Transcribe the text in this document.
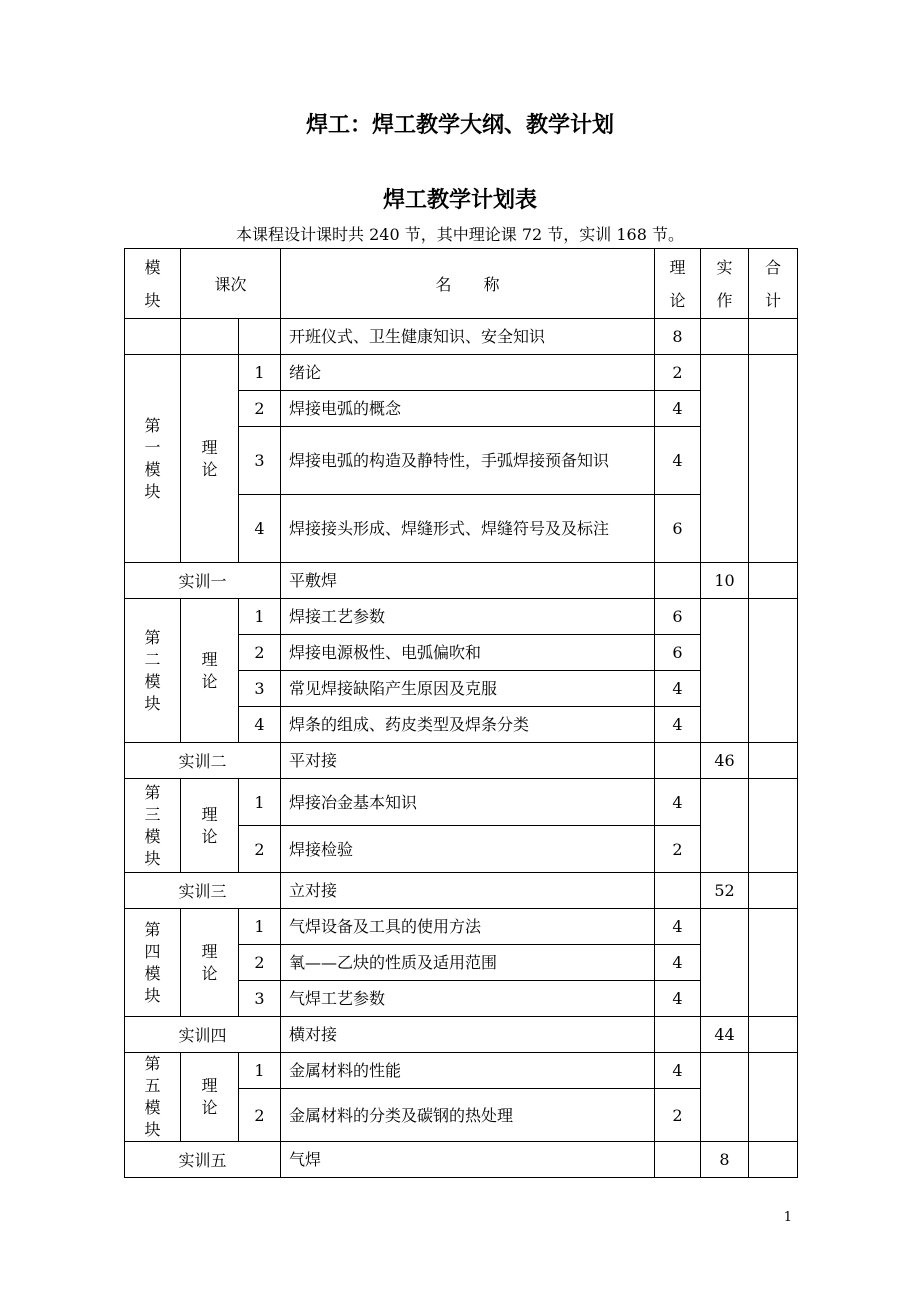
焊工：焊工教学大纲、教学计划
焊工教学计划表
本课程设计课时共 240 节，其中理论课 72 节，实训 168 节。
模块	课次		名　　称	理论	实作	合计
			开班仪式、卫生健康知识、安全知识	8		
第一模块	理论	1	绪论	2		
		2	焊接电弧的概念	4		
		3	焊接电弧的构造及静特性，手弧焊接预备知识	4		
		4	焊接接头形成、焊缝形式、焊缝符号及及标注	6		
实训一			平敷焊		10	
第二模块	理论	1	焊接工艺参数	6		
		2	焊接电源极性、电弧偏吹和	6		
		3	常见焊接缺陷产生原因及克服	4		
		4	焊条的组成、药皮类型及焊条分类	4		
实训二			平对接		46	
第三模块	理论	1	焊接冶金基本知识	4		
		2	焊接检验	2		
实训三			立对接		52	
第四模块	理论	1	气焊设备及工具的使用方法	4		
		2	氧——乙炔的性质及适用范围	4		
		3	气焊工艺参数	4		
实训四			横对接		44	
第五模块	理论	1	金属材料的性能	4		
		2	金属材料的分类及碳钢的热处理	2		
实训五			气焊		8	
1
